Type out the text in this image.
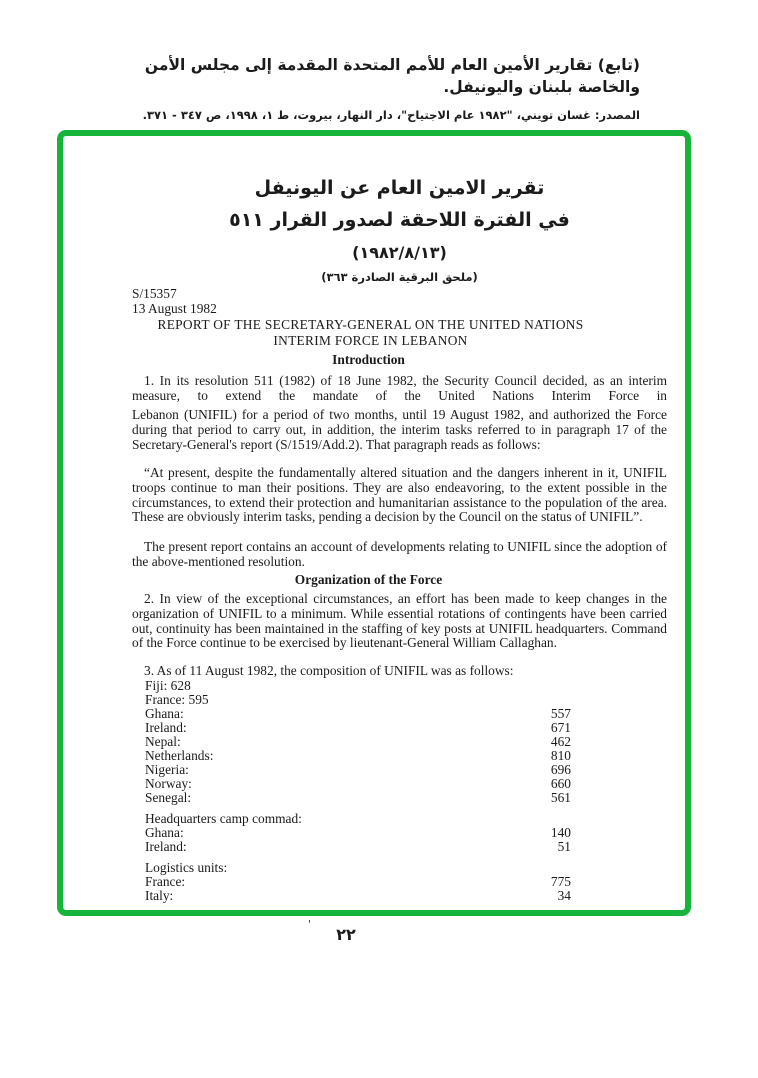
(تابع) تقارير الأمين العام للأمم المتحدة المقدمة إلى مجلس الأمن والخاصة بلبنان واليونيفل.
المصدر: غسان تويني، "١٩٨٢ عام الاجتياح"، دار النهار، بيروت، ط ١، ١٩٩٨، ص ٣٤٧ - ٣٧١.
تقرير الامين العام عن اليونيفل
في الفترة اللاحقة لصدور القرار ٥١١
(١٩٨٢/٨/١٣)
(ملحق البرقية الصادرة ٣٦٣)
S/15357
13 August 1982
REPORT OF THE SECRETARY-GENERAL ON THE UNITED NATIONS
INTERIM FORCE IN LEBANON
Introduction

1. In its resolution 511 (1982) of 18 June 1982, the Security Council decided, as an interim measure, to extend the mandate of the United Nations Interim Force in

Lebanon (UNIFIL) for a period of two months, until 19 August 1982, and authorized the Force during that period to carry out, in addition, the interim tasks referred to in paragraph 17 of the Secretary-General's report (S/1519/Add.2). That paragraph reads as follows:

“At present, despite the fundamentally altered situation and the dangers inherent in it, UNIFIL troops continue to man their positions. They are also endeavoring, to the extent possible in the circumstances, to extend their protection and humanitarian assistance to the population of the area. These are obviously interim tasks, pending a decision by the Council on the status of UNIFIL”.

The present report contains an account of developments relating to UNIFIL since the adoption of the above-mentioned resolution.

Organization of the Force

2. In view of the exceptional circumstances, an effort has been made to keep changes in the organization of UNIFIL to a minimum. While essential rotations of contingents have been carried out, continuity has been maintained in the staffing of key posts at UNIFIL headquarters. Command of the Force continue to be exercised by lieutenant-General William Callaghan.

3. As of 11 August 1982, the composition of UNIFIL was as follows:
Fiji: 628
France: 595
Ghana:	557
Ireland:	671
Nepal:	462
Netherlands:	810
Nigeria:	696
Norway:	660
Senegal:	561
Headquarters camp commad:
Ghana:	140
Ireland:	51
Logistics units:
France:	775
Italy:	34
'
٢٢
